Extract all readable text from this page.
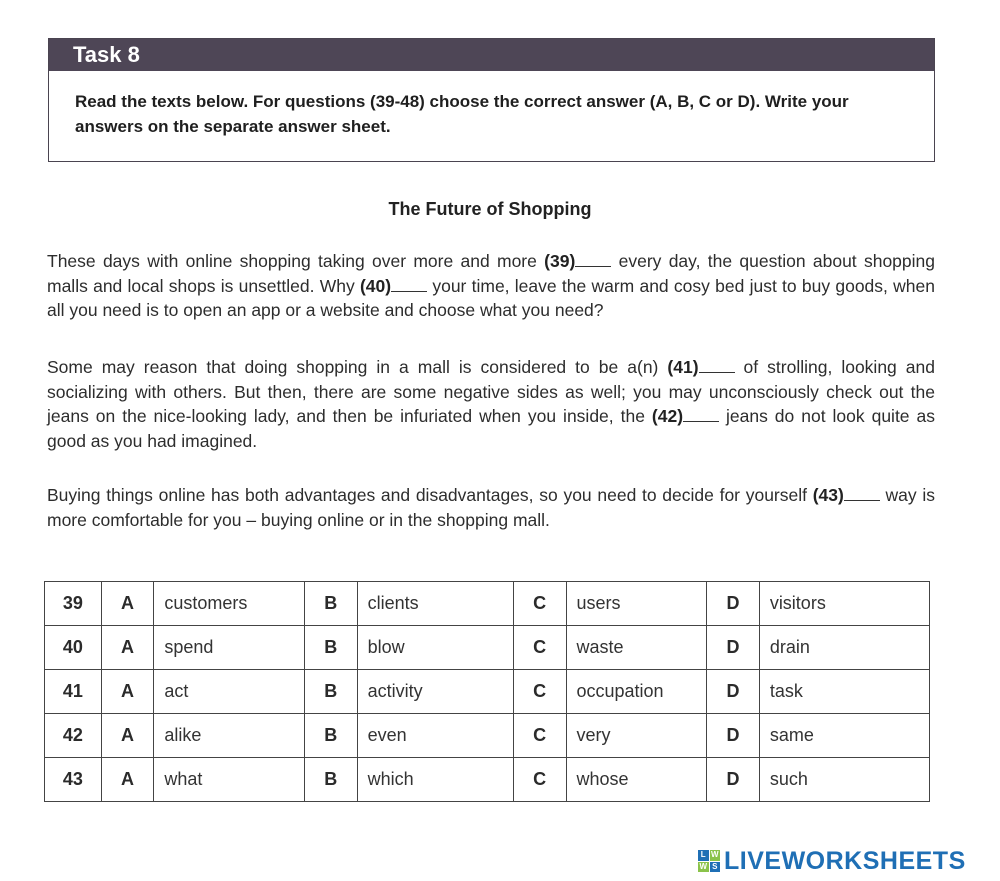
Task 8
Read the texts below. For questions (39-48) choose the correct answer (A, B, C or D). Write your answers on the separate answer sheet.
The Future of Shopping
These days with online shopping taking over more and more (39) every day, the question about shopping malls and local shops is unsettled. Why (40) your time, leave the warm and cosy bed just to buy goods, when all you need is to open an app or a website and choose what you need?
Some may reason that doing shopping in a mall is considered to be a(n) (41) of strolling, looking and socializing with others. But then, there are some negative sides as well; you may unconsciously check out the jeans on the nice-looking lady, and then be infuriated when you inside, the (42) jeans do not look quite as good as you had imagined.
Buying things online has both advantages and disadvantages, so you need to decide for yourself (43) way is more comfortable for you – buying online or in the shopping mall.
39	A	customers	B	clients	C	users	D	visitors
40	A	spend	B	blow	C	waste	D	drain
41	A	act	B	activity	C	occupation	D	task
42	A	alike	B	even	C	very	D	same
43	A	what	B	which	C	whose	D	such
L W
W S LIVEWORKSHEETS
